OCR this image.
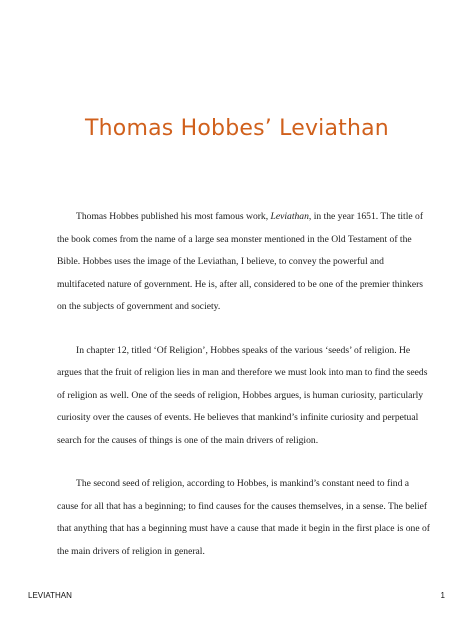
Thomas Hobbes’ Leviathan

Thomas Hobbes published his most famous work, Leviathan, in the year 1651. The title of the book comes from the name of a large sea monster mentioned in the Old Testament of the Bible. Hobbes uses the image of the Leviathan, I believe, to convey the powerful and multifaceted nature of government. He is, after all, considered to be one of the premier thinkers on the subjects of government and society.

In chapter 12, titled ‘Of Religion’, Hobbes speaks of the various ‘seeds’ of religion. He argues that the fruit of religion lies in man and therefore we must look into man to find the seeds of religion as well. One of the seeds of religion, Hobbes argues, is human curiosity, particularly curiosity over the causes of events. He believes that mankind’s infinite curiosity and perpetual search for the causes of things is one of the main drivers of religion.

The second seed of religion, according to Hobbes, is mankind’s constant need to find a cause for all that has a beginning; to find causes for the causes themselves, in a sense. The belief that anything that has a beginning must have a cause that made it begin in the first place is one of the main drivers of religion in general.

LEVIATHAN	1
